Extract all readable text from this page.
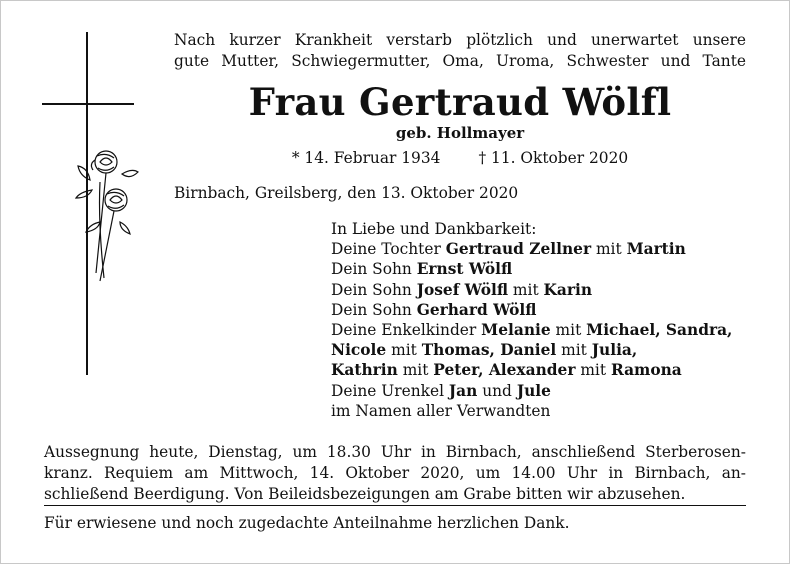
Nach kurzer Krankheit verstarb plötzlich und unerwartet unsere
gute Mutter, Schwiegermutter, Oma, Uroma, Schwester und Tante
Frau Gertraud Wölfl
geb. Hollmayer
* 14. Februar 1934 † 11. Oktober 2020
Birnbach, Greilsberg, den 13. Oktober 2020
In Liebe und Dankbarkeit:
Deine Tochter Gertraud Zellner mit Martin
Dein Sohn Ernst Wölfl
Dein Sohn Josef Wölfl mit Karin
Dein Sohn Gerhard Wölfl
Deine Enkelkinder Melanie mit Michael, Sandra,
Nicole mit Thomas, Daniel mit Julia,
Kathrin mit Peter, Alexander mit Ramona
Deine Urenkel Jan und Jule
im Namen aller Verwandten
Aussegnung heute, Dienstag, um 18.30 Uhr in Birnbach, anschließend Sterberosen-
kranz. Requiem am Mittwoch, 14. Oktober 2020, um 14.00 Uhr in Birnbach, an-
schließend Beerdigung. Von Beileidsbezeigungen am Grabe bitten wir abzusehen.
Für erwiesene und noch zugedachte Anteilnahme herzlichen Dank.
